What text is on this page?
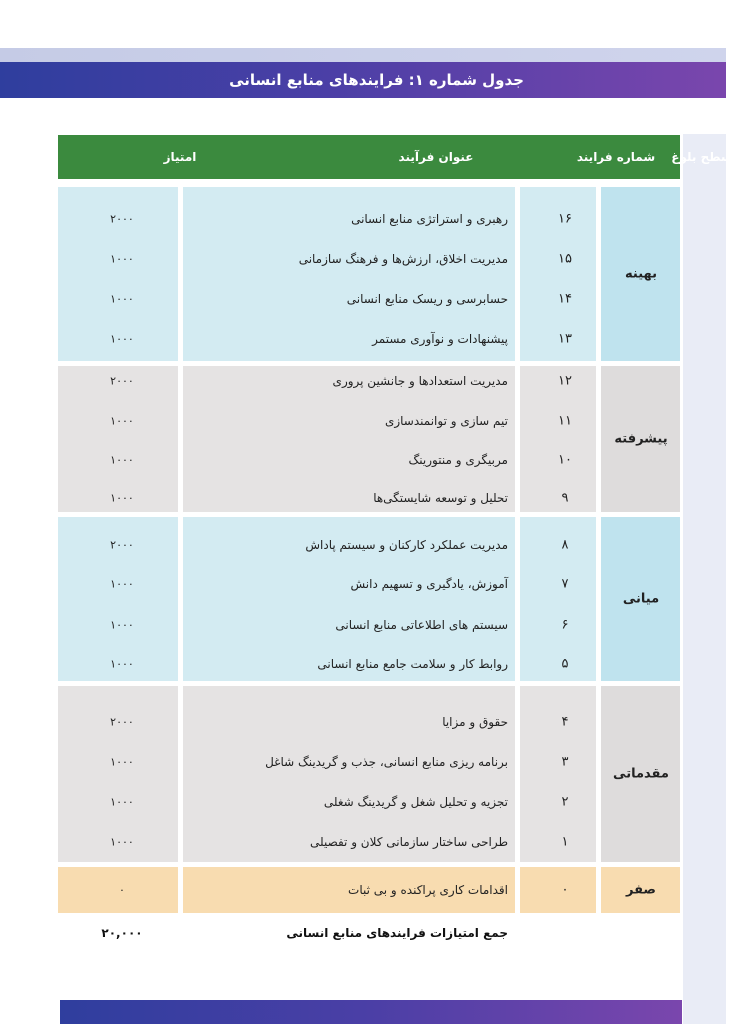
جدول شماره ۱: فرایندهای منابع انسانی
سطح بلوغ
شماره فرایند
عنوان فرآیند
امتیاز
بهینه
۱۶
رهبری و استراتژی منابع انسانی
۲۰۰۰
۱۵
مدیریت اخلاق، ارزش‌ها و فرهنگ سازمانی
۱۰۰۰
۱۴
حسابرسی و ریسک منابع انسانی
۱۰۰۰
۱۳
پیشنهادات و نوآوری مستمر
۱۰۰۰
پیشرفته
۱۲
مدیریت استعدادها و جانشین پروری
۲۰۰۰
۱۱
تیم سازی و توانمندسازی
۱۰۰۰
۱۰
مربیگری و منتورینگ
۱۰۰۰
۹
تحلیل و توسعه شایستگی‌ها
۱۰۰۰
میانی
۸
مدیریت عملکرد کارکنان و سیستم پاداش
۲۰۰۰
۷
آموزش، یادگیری و تسهیم دانش
۱۰۰۰
۶
سیستم های اطلاعاتی منابع انسانی
۱۰۰۰
۵
روابط کار و سلامت جامع منابع انسانی
۱۰۰۰
مقدماتی
۴
حقوق و مزایا
۲۰۰۰
۳
برنامه ریزی منابع انسانی، جذب و گریدینگ شاغل
۱۰۰۰
۲
تجزیه و تحلیل شغل و گریدینگ شغلی
۱۰۰۰
۱
طراحی ساختار سازمانی کلان و تفصیلی
۱۰۰۰
صفر
۰
اقدامات کاری پراکنده و بی ثبات
۰
جمع امتیازات فرایندهای منابع انسانی
۲۰,۰۰۰
